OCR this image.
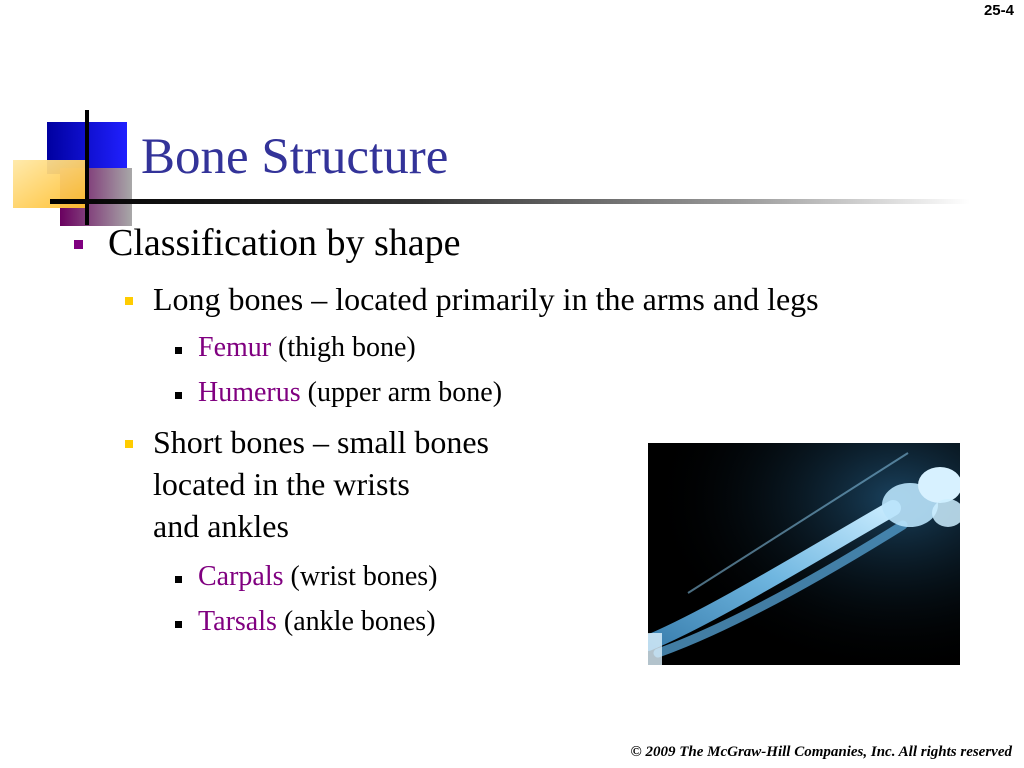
25-4
Bone Structure
Classification by shape
Long bones – located primarily in the arms and legs
Femur (thigh bone)
Humerus (upper arm bone)
Short bones – small bones
located in the wrists
and ankles
Carpals (wrist bones)
Tarsals (ankle bones)
© 2009 The McGraw-Hill Companies, Inc. All rights reserved
